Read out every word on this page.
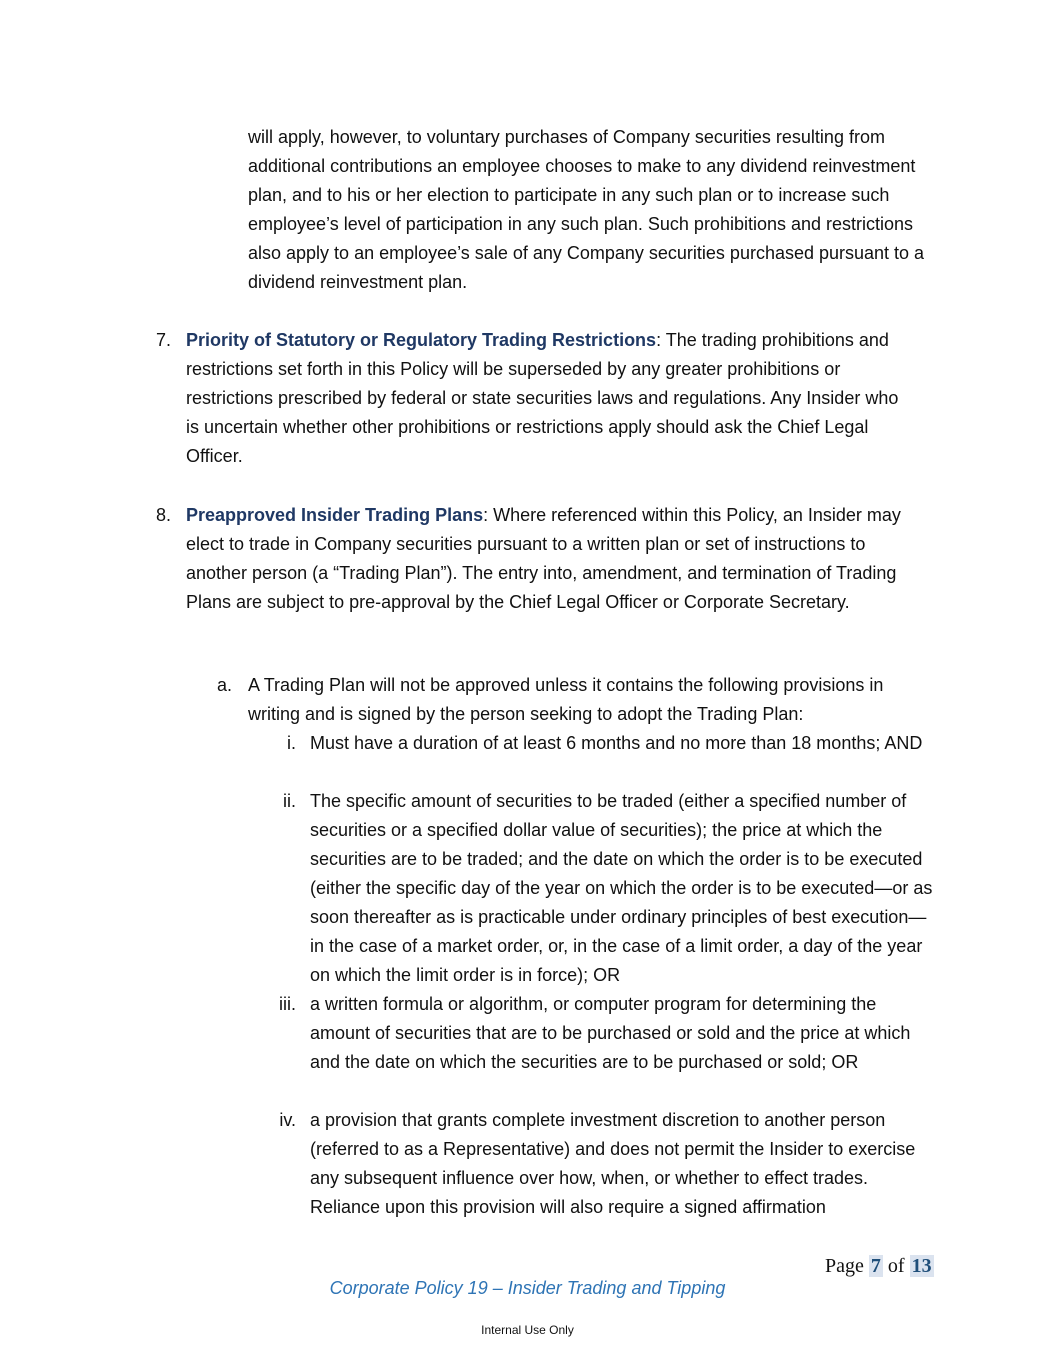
will apply, however, to voluntary purchases of Company securities resulting from additional contributions an employee chooses to make to any dividend reinvestment plan, and to his or her election to participate in any such plan or to increase such employee’s level of participation in any such plan. Such prohibitions and restrictions also apply to an employee’s sale of any Company securities purchased pursuant to a dividend reinvestment plan.
7. Priority of Statutory or Regulatory Trading Restrictions: The trading prohibitions and restrictions set forth in this Policy will be superseded by any greater prohibitions or restrictions prescribed by federal or state securities laws and regulations. Any Insider who is uncertain whether other prohibitions or restrictions apply should ask the Chief Legal Officer.
8. Preapproved Insider Trading Plans: Where referenced within this Policy, an Insider may elect to trade in Company securities pursuant to a written plan or set of instructions to another person (a “Trading Plan”). The entry into, amendment, and termination of Trading Plans are subject to pre-approval by the Chief Legal Officer or Corporate Secretary.
a. A Trading Plan will not be approved unless it contains the following provisions in writing and is signed by the person seeking to adopt the Trading Plan:
i. Must have a duration of at least 6 months and no more than 18 months; AND
ii. The specific amount of securities to be traded (either a specified number of securities or a specified dollar value of securities); the price at which the securities are to be traded; and the date on which the order is to be executed (either the specific day of the year on which the order is to be executed—or as soon thereafter as is practicable under ordinary principles of best execution—in the case of a market order, or, in the case of a limit order, a day of the year on which the limit order is in force); OR
iii. a written formula or algorithm, or computer program for determining the amount of securities that are to be purchased or sold and the price at which and the date on which the securities are to be purchased or sold; OR
iv. a provision that grants complete investment discretion to another person (referred to as a Representative) and does not permit the Insider to exercise any subsequent influence over how, when, or whether to effect trades. Reliance upon this provision will also require a signed affirmation
Page 7 of 13
Corporate Policy 19 – Insider Trading and Tipping
Internal Use Only
